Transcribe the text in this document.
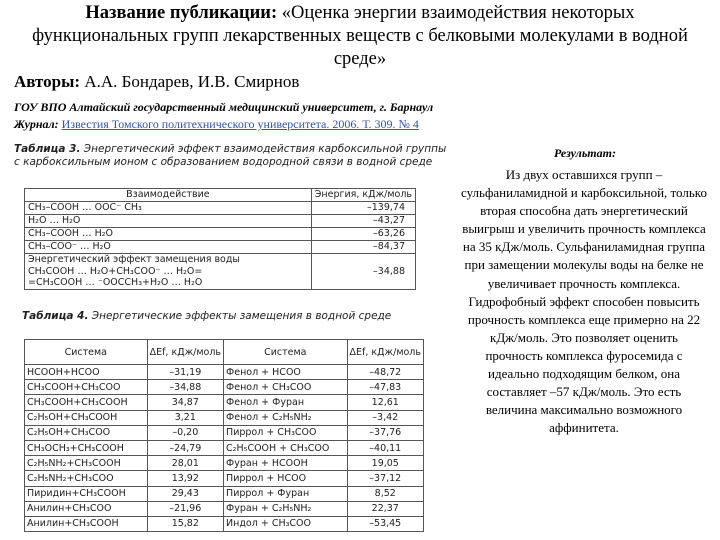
Название публикации: «Оценка энергии взаимодействия некоторых функциональных групп лекарственных веществ с белковыми молекулами в водной среде»
Авторы: А.А. Бондарев, И.В. Смирнов
ГОУ ВПО Алтайский государственный медицинский университет, г. Барнаул
Журнал: Известия Томского политехнического университета. 2006. Т. 309. № 4
Таблица 3. Энергетический эффект взаимодействия карбоксильной группы с карбоксильным ионом с образованием водородной связи в водной среде
Взаимодействие	Энергия, кДж/моль
CH₃–COOH … OOC⁻ CH₃	–139,74
H₂O … H₂O	–43,27
CH₃–COOH … H₂O	–63,26
CH₃–COO⁻ … H₂O	–84,37

Энергетический эффект замещения воды
CH₃COOH … H₂O+CH₃COO⁻ … H₂O=
=CH₃COOH … ⁻OOCCH₃+H₂O … H₂O	–34,88
Таблица 4. Энергетические эффекты замещения в водной среде
Система	ΔEf, кДж/моль	Система	ΔEf, кДж/моль
HCOOH+HCOO	–31,19	Фенол + HCOO	–48,72
CH₃COOH+CH₃COO	–34,88	Фенол + CH₃COO	–47,83
CH₃COOH+CH₃COOH	34,87	Фенол + Фуран	12,61
C₂H₅OH+CH₃COOH	3,21	Фенол + C₂H₅NH₂	–3,42
C₂H₅OH+CH₃COO	–0,20	Пиррол + CH₃COO	–37,76
CH₃OCH₃+CH₃COOH	–24,79	C₂H₅COOH + CH₃COO	–40,11
C₂H₅NH₂+CH₃COOH	28,01	Фуран + HCOOH	19,05
C₂H₅NH₂+CH₃COO	13,92	Пиррол + HCOO	–37,12
Пиридин+CH₃COOH	29,43	Пиррол + Фуран	8,52
Анилин+CH₃COO	–21,96	Фуран + C₂H₅NH₂	22,37
Анилин+CH₃COOH	15,82	Индол + CH₃COO	–53,45
Результат:
Из двух оставшихся групп – сульфаниламидной и карбоксильной, только вторая способна дать энергетический выигрыш и увеличить прочность комплекса на 35 кДж/моль. Сульфаниламидная группа при замещении молекулы воды на белке не увеличивает прочность комплекса. Гидрофобный эффект способен повысить прочность комплекса еще примерно на 22 кДж/моль. Это позволяет оценить прочность комплекса фуросемида с идеально подходящим белком, она составляет –57 кДж/моль. Это есть величина максимально возможного аффинитета.
